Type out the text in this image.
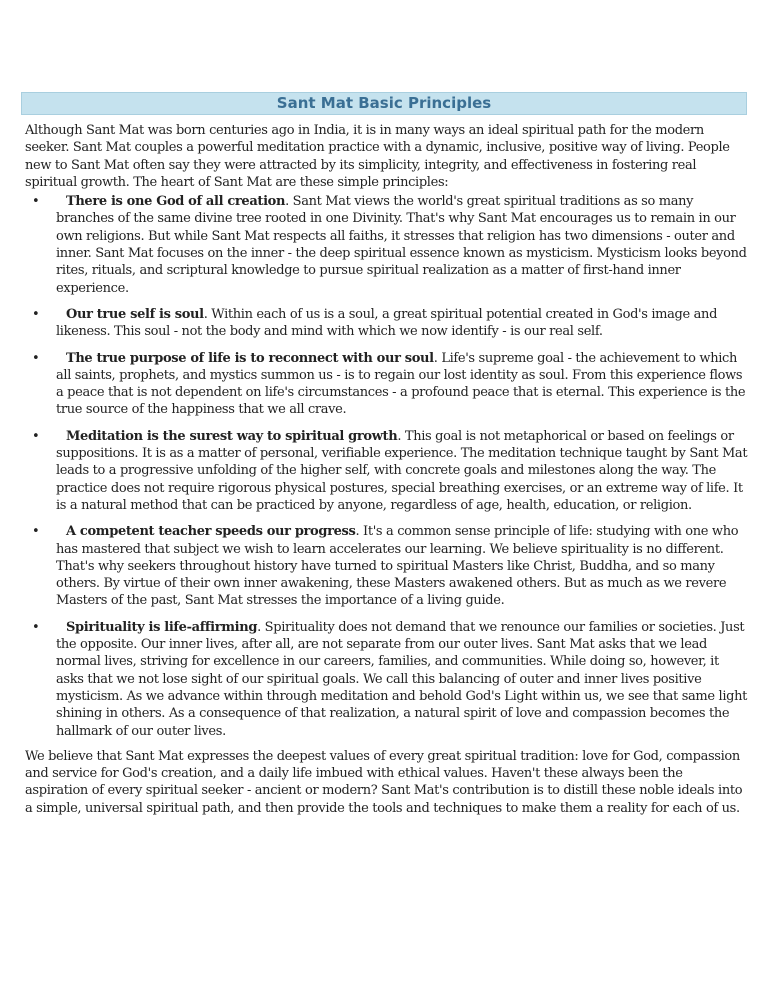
Sant Mat Basic Principles

Although Sant Mat was born centuries ago in India, it is in many ways an ideal spiritual path for the modern seeker. Sant Mat couples a powerful meditation practice with a dynamic, inclusive, positive way of living. People new to Sant Mat often say they were attracted by its simplicity, integrity, and effectiveness in fostering real spiritual growth. The heart of Sant Mat are these simple principles:

• There is one God of all creation. Sant Mat views the world's great spiritual traditions as so many branches of the same divine tree rooted in one Divinity. That's why Sant Mat encourages us to remain in our own religions. But while Sant Mat respects all faiths, it stresses that religion has two dimensions - outer and inner. Sant Mat focuses on the inner - the deep spiritual essence known as mysticism. Mysticism looks beyond rites, rituals, and scriptural knowledge to pursue spiritual realization as a matter of first-hand inner experience.
• Our true self is soul. Within each of us is a soul, a great spiritual potential created in God's image and likeness. This soul - not the body and mind with which we now identify - is our real self.
• The true purpose of life is to reconnect with our soul. Life's supreme goal - the achievement to which all saints, prophets, and mystics summon us - is to regain our lost identity as soul. From this experience flows a peace that is not dependent on life's circumstances - a profound peace that is eternal. This experience is the true source of the happiness that we all crave.
• Meditation is the surest way to spiritual growth. This goal is not metaphorical or based on feelings or suppositions. It is as a matter of personal, verifiable experience. The meditation technique taught by Sant Mat leads to a progressive unfolding of the higher self, with concrete goals and milestones along the way. The practice does not require rigorous physical postures, special breathing exercises, or an extreme way of life. It is a natural method that can be practiced by anyone, regardless of age, health, education, or religion.
• A competent teacher speeds our progress. It's a common sense principle of life: studying with one who has mastered that subject we wish to learn accelerates our learning. We believe spirituality is no different. That's why seekers throughout history have turned to spiritual Masters like Christ, Buddha, and so many others. By virtue of their own inner awakening, these Masters awakened others. But as much as we revere Masters of the past, Sant Mat stresses the importance of a living guide.
• Spirituality is life-affirming. Spirituality does not demand that we renounce our families or societies. Just the opposite. Our inner lives, after all, are not separate from our outer lives. Sant Mat asks that we lead normal lives, striving for excellence in our careers, families, and communities. While doing so, however, it asks that we not lose sight of our spiritual goals. We call this balancing of outer and inner lives positive mysticism. As we advance within through meditation and behold God's Light within us, we see that same light shining in others. As a consequence of that realization, a natural spirit of love and compassion becomes the hallmark of our outer lives.

We believe that Sant Mat expresses the deepest values of every great spiritual tradition: love for God, compassion and service for God's creation, and a daily life imbued with ethical values. Haven't these always been the aspiration of every spiritual seeker - ancient or modern? Sant Mat's contribution is to distill these noble ideals into a simple, universal spiritual path, and then provide the tools and techniques to make them a reality for each of us.
